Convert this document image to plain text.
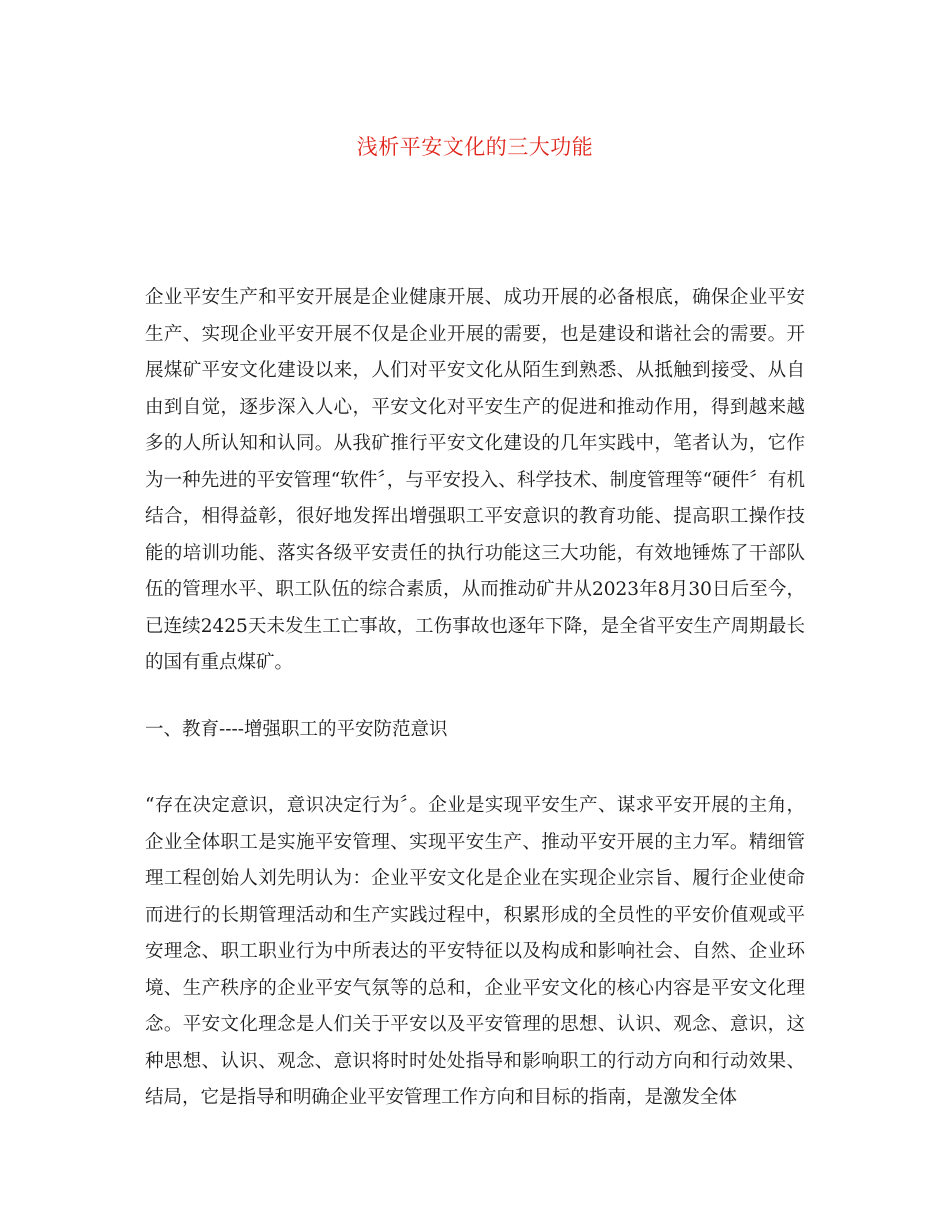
浅析平安文化的三大功能
企业平安生产和平安开展是企业健康开展、成功开展的必备根底，确保企业平安生产、实现企业平安开展不仅是企业开展的需要，也是建设和谐社会的需要。开展煤矿平安文化建设以来，人们对平安文化从陌生到熟悉、从抵触到接受、从自由到自觉，逐步深入人心，平安文化对平安生产的促进和推动作用，得到越来越多的人所认知和认同。从我矿推行平安文化建设的几年实践中，笔者认为，它作为一种先进的平安管理“软件〞，与平安投入、科学技术、制度管理等“硬件〞有机结合，相得益彰，很好地发挥出增强职工平安意识的教育功能、提高职工操作技能的培训功能、落实各级平安责任的执行功能这三大功能，有效地锤炼了干部队伍的管理水平、职工队伍的综合素质，从而推动矿井从2023年8月30日后至今，已连续2425天未发生工亡事故，工伤事故也逐年下降，是全省平安生产周期最长的国有重点煤矿。
一、教育----增强职工的平安防范意识
“存在决定意识，意识决定行为〞。企业是实现平安生产、谋求平安开展的主角，企业全体职工是实施平安管理、实现平安生产、推动平安开展的主力军。精细管理工程创始人刘先明认为：企业平安文化是企业在实现企业宗旨、履行企业使命而进行的长期管理活动和生产实践过程中，积累形成的全员性的平安价值观或平安理念、职工职业行为中所表达的平安特征以及构成和影响社会、自然、企业环境、生产秩序的企业平安气氛等的总和，企业平安文化的核心内容是平安文化理念。平安文化理念是人们关于平安以及平安管理的思想、认识、观念、意识，这种思想、认识、观念、意识将时时处处指导和影响职工的行动方向和行动效果、结局，它是指导和明确企业平安管理工作方向和目标的指南，是激发全体
